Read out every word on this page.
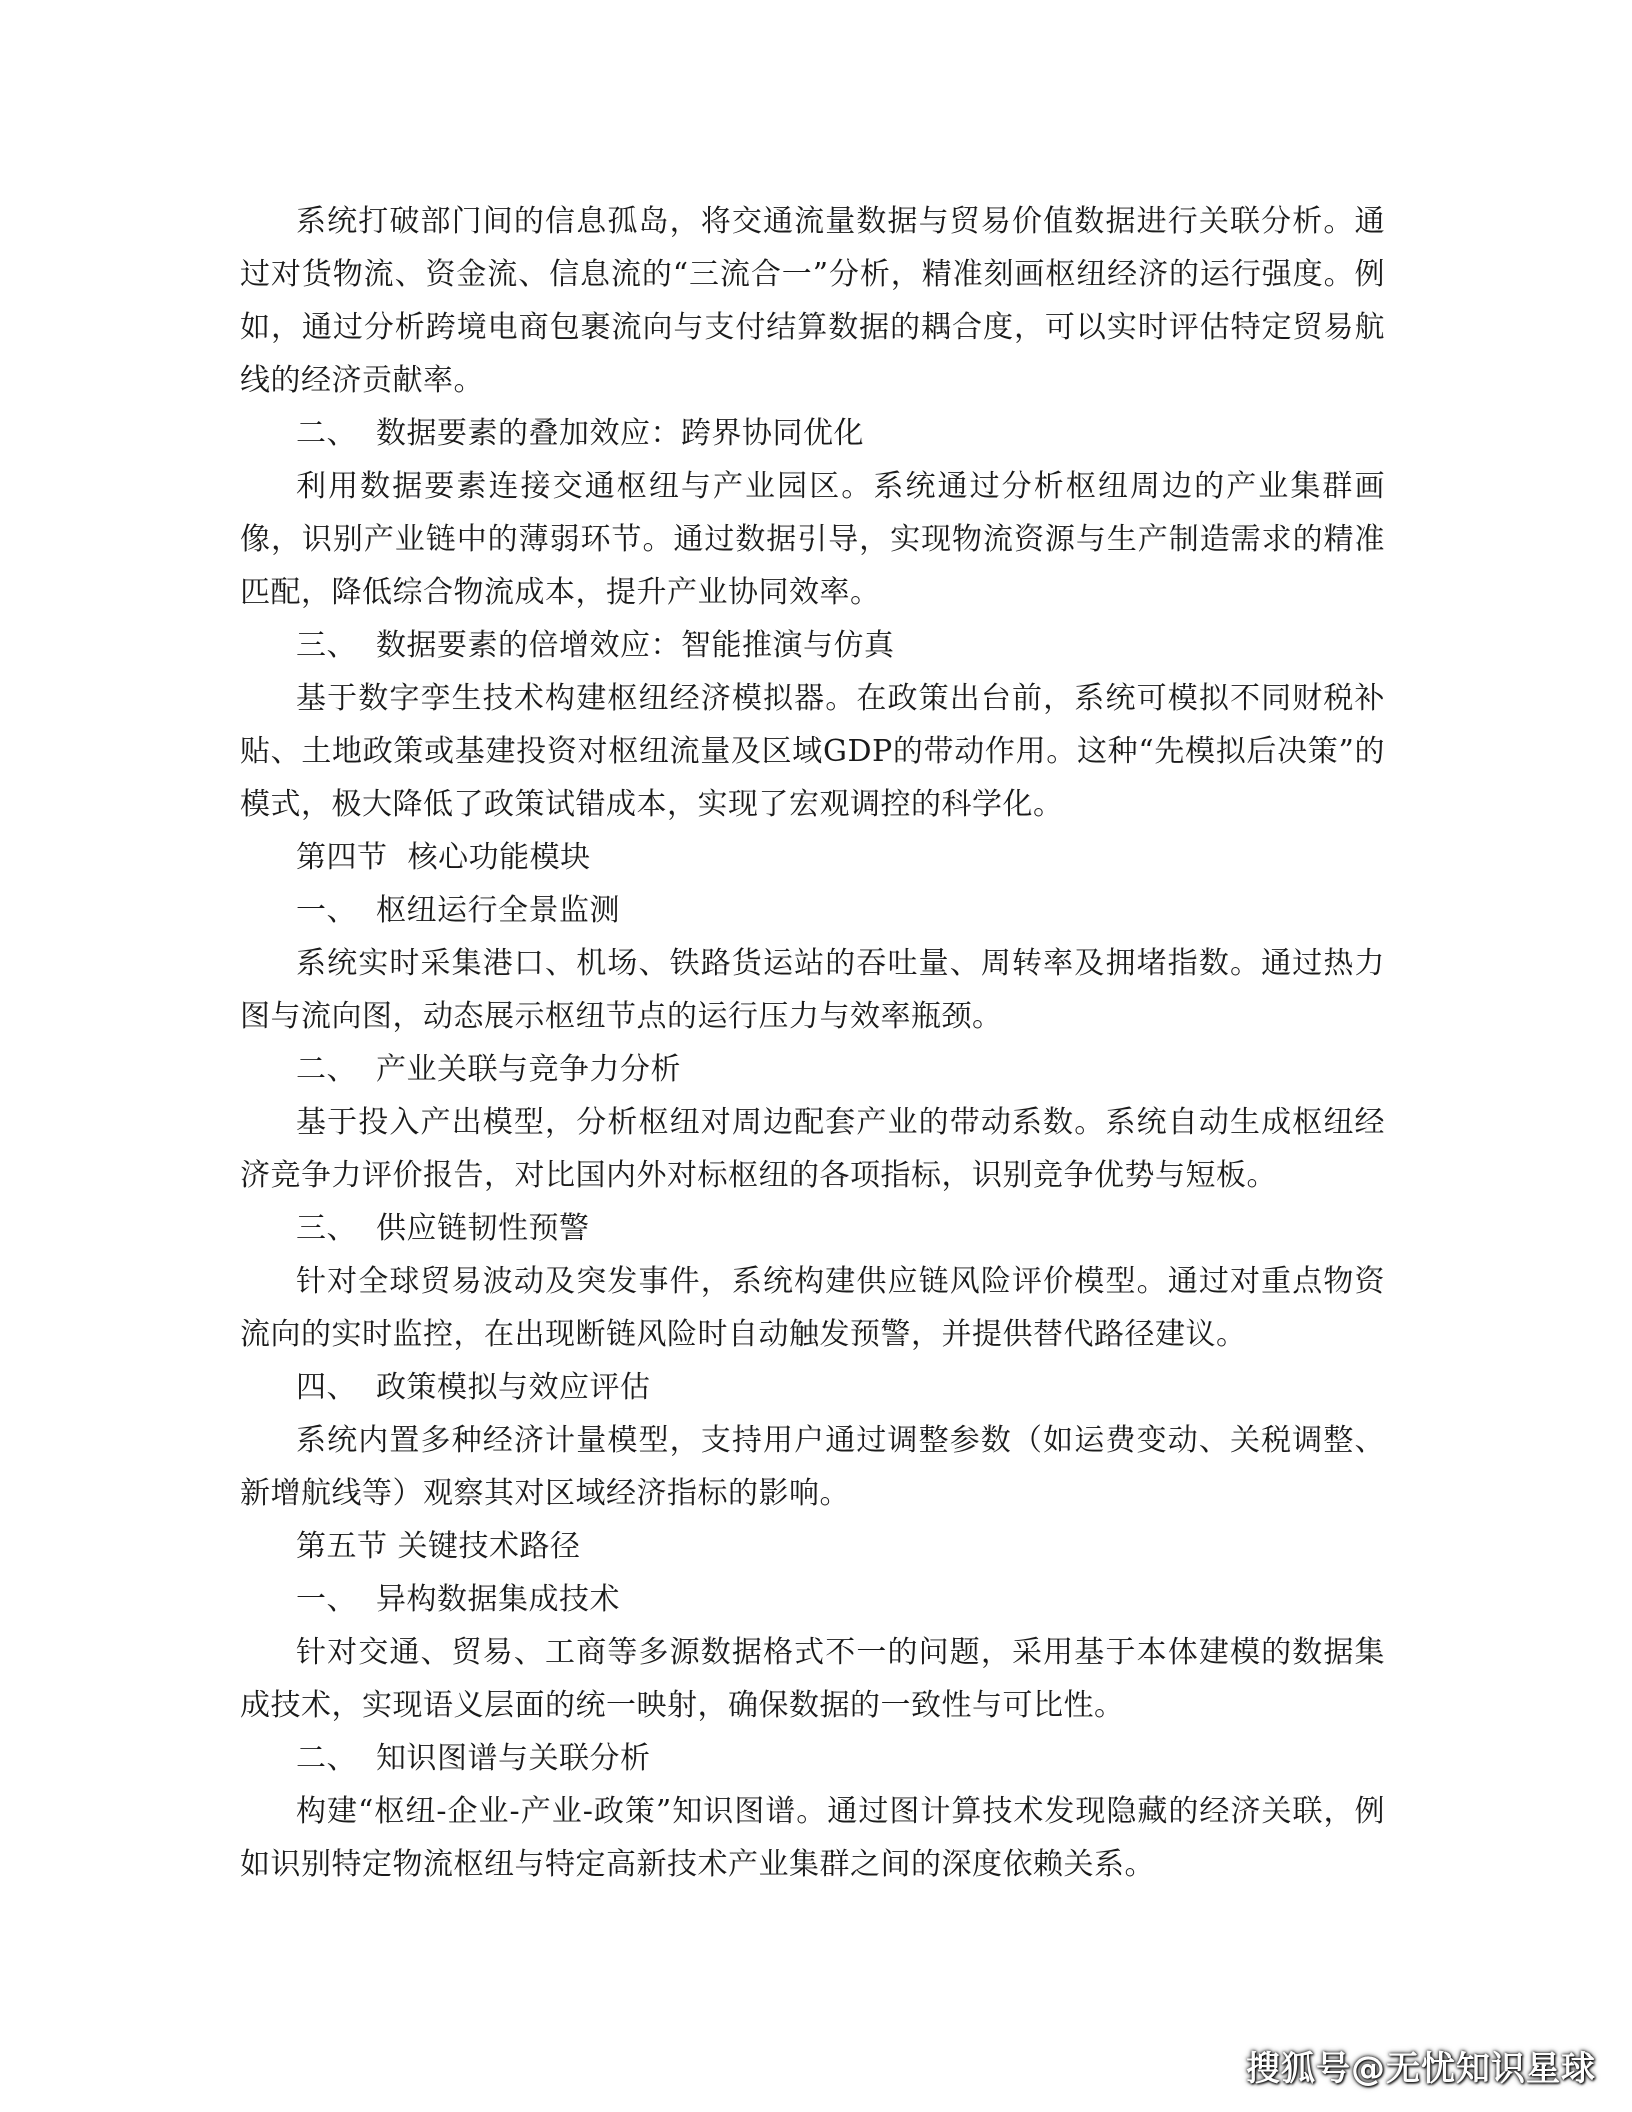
系统打破部门间的信息孤岛，将交通流量数据与贸易价值数据进行关联分析。通过对货物流、资金流、信息流的“三流合一”分析，精准刻画枢纽经济的运行强度。例如，通过分析跨境电商包裹流向与支付结算数据的耦合度，可以实时评估特定贸易航线的经济贡献率。

二、 数据要素的叠加效应：跨界协同优化

利用数据要素连接交通枢纽与产业园区。系统通过分析枢纽周边的产业集群画像，识别产业链中的薄弱环节。通过数据引导，实现物流资源与生产制造需求的精准匹配，降低综合物流成本，提升产业协同效率。

三、 数据要素的倍增效应：智能推演与仿真

基于数字孪生技术构建枢纽经济模拟器。在政策出台前，系统可模拟不同财税补贴、土地政策或基建投资对枢纽流量及区域GDP的带动作用。这种“先模拟后决策”的模式，极大降低了政策试错成本，实现了宏观调控的科学化。

第四节  核心功能模块

一、 枢纽运行全景监测

系统实时采集港口、机场、铁路货运站的吞吐量、周转率及拥堵指数。通过热力图与流向图，动态展示枢纽节点的运行压力与效率瓶颈。

二、 产业关联与竞争力分析

基于投入产出模型，分析枢纽对周边配套产业的带动系数。系统自动生成枢纽经济竞争力评价报告，对比国内外对标枢纽的各项指标，识别竞争优势与短板。

三、 供应链韧性预警

针对全球贸易波动及突发事件，系统构建供应链风险评价模型。通过对重点物资流向的实时监控，在出现断链风险时自动触发预警，并提供替代路径建议。

四、 政策模拟与效应评估

系统内置多种经济计量模型，支持用户通过调整参数（如运费变动、关税调整、新增航线等）观察其对区域经济指标的影响。

第五节 关键技术路径

一、 异构数据集成技术

针对交通、贸易、工商等多源数据格式不一的问题，采用基于本体建模的数据集成技术，实现语义层面的统一映射，确保数据的一致性与可比性。

二、 知识图谱与关联分析

构建“枢纽-企业-产业-政策”知识图谱。通过图计算技术发现隐藏的经济关联，例如识别特定物流枢纽与特定高新技术产业集群之间的深度依赖关系。

搜狐号@无忧知识星球
